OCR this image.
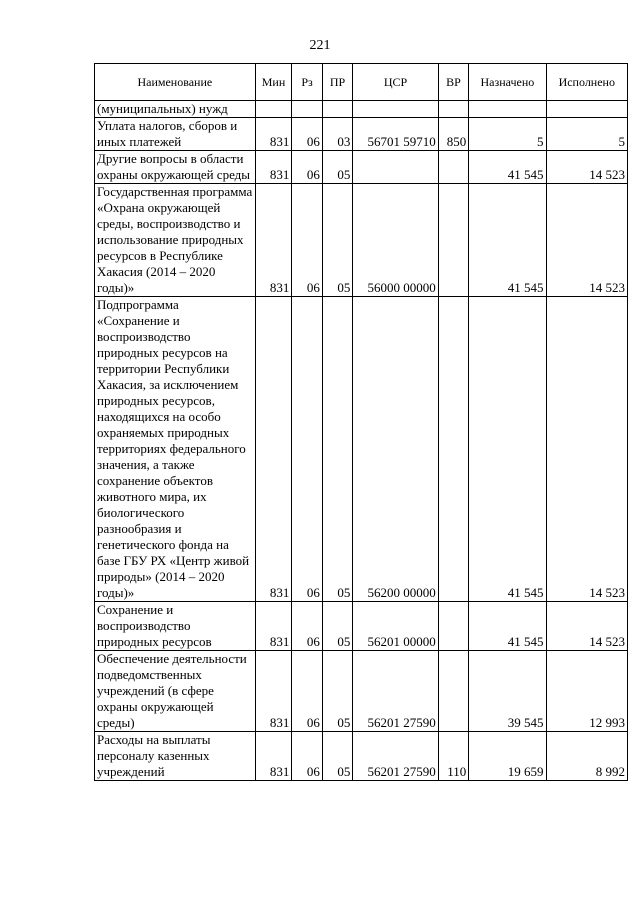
221
Наименование	Мин	Рз	ПР	ЦСР	ВР	Назначено	Исполнено
(муниципальных) нужд							
Уплата налогов, сборов и иных платежей	831	06	03	56701 59710	850	5	5
Другие вопросы в области охраны окружающей среды	831	06	05			41 545	14 523
Государственная программа «Охрана окружающей среды, воспроизводство и использование природных ресурсов в Республике Хакасия (2014 – 2020 годы)»	831	06	05	56000 00000		41 545	14 523
Подпрограмма «Сохранение и воспроизводство природных ресурсов на территории Республики Хакасия, за исключением природных ресурсов, находящихся на особо охраняемых природных территориях федерального значения, а также сохранение объектов животного мира, их биологического разнообразия и генетического фонда на базе ГБУ РХ «Центр живой природы» (2014 – 2020 годы)»	831	06	05	56200 00000		41 545	14 523
Сохранение и воспроизводство природных ресурсов	831	06	05	56201 00000		41 545	14 523
Обеспечение деятельности подведомственных учреждений (в сфере охраны окружающей среды)	831	06	05	56201 27590		39 545	12 993
Расходы на выплаты персоналу казенных учреждений	831	06	05	56201 27590	110	19 659	8 992
